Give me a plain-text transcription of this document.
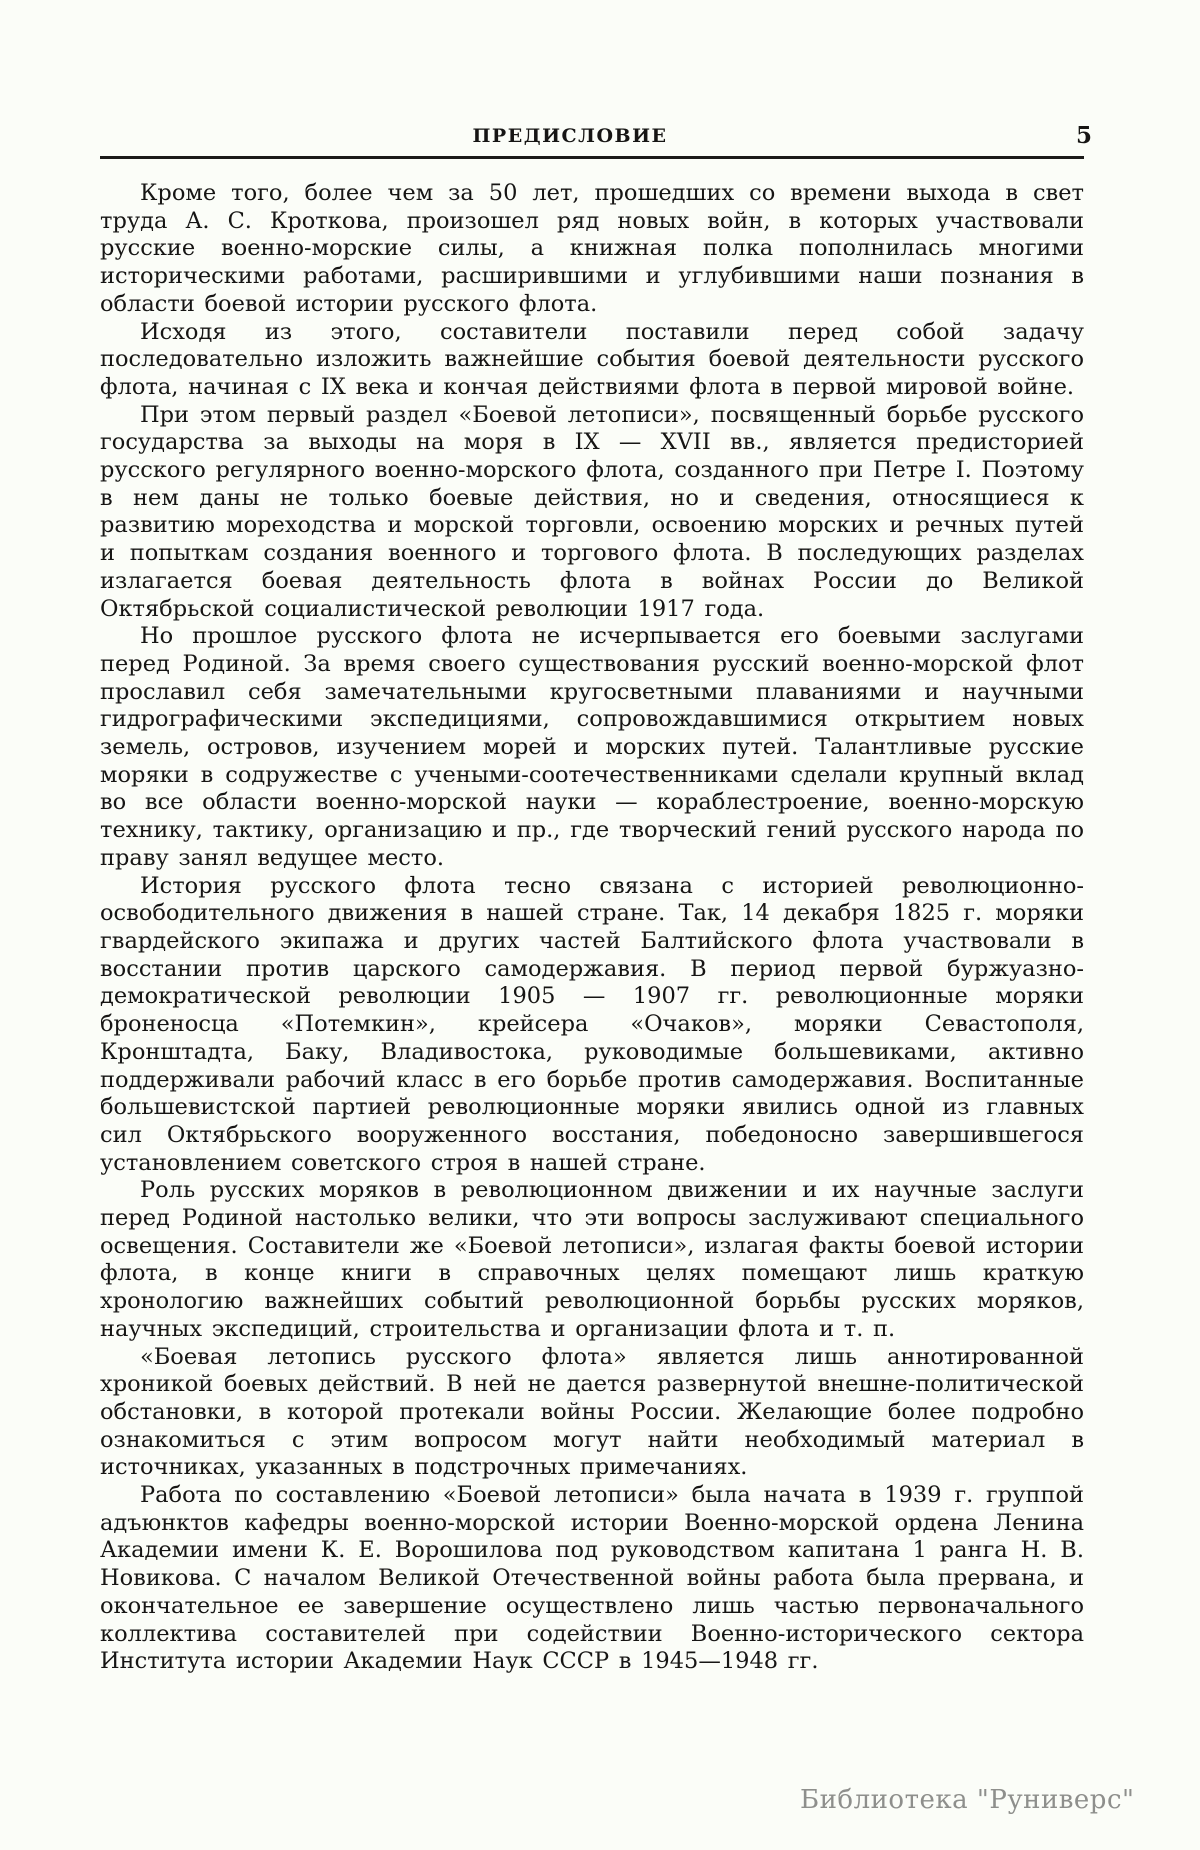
ПРЕДИСЛОВИЕ	5

Кроме того, более чем за 50 лет, прошедших со времени выхода в свет труда А. С. Кроткова, произошел ряд новых войн, в которых участвовали русские военно-морские силы, а книжная полка пополнилась многими историческими работами, расширившими и углубившими наши познания в области боевой истории русского флота.

Исходя из этого, составители поставили перед собой задачу последовательно изложить важнейшие события боевой деятельности русского флота, начиная с IX века и кончая действиями флота в первой мировой войне.

При этом первый раздел «Боевой летописи», посвященный борьбе русского государства за выходы на моря в IX — XVII вв., является предисторией русского регулярного военно-морского флота, созданного при Петре I. Поэтому в нем даны не только боевые действия, но и сведения, относящиеся к развитию мореходства и морской торговли, освоению морских и речных путей и попыткам создания военного и торгового флота. В последующих разделах излагается боевая деятельность флота в войнах России до Великой Октябрьской социалистической революции 1917 года.

Но прошлое русского флота не исчерпывается его боевыми заслугами перед Родиной. За время своего существования русский военно-морской флот прославил себя замечательными кругосветными плаваниями и научными гидрографическими экспедициями, сопровождавшимися открытием новых земель, островов, изучением морей и морских путей. Талантливые русские моряки в содружестве с учеными-соотечественниками сделали крупный вклад во все области военно-морской науки — кораблестроение, военно-морскую технику, тактику, организацию и пр., где творческий гений русского народа по праву занял ведущее место.

История русского флота тесно связана с историей революционно-освободительного движения в нашей стране. Так, 14 декабря 1825 г. моряки гвардейского экипажа и других частей Балтийского флота участвовали в восстании против царского самодержавия. В период первой буржуазно-демократической революции 1905 — 1907 гг. революционные моряки броненосца «Потемкин», крейсера «Очаков», моряки Севастополя, Кронштадта, Баку, Владивостока, руководимые большевиками, активно поддерживали рабочий класс в его борьбе против самодержавия. Воспитанные большевистской партией революционные моряки явились одной из главных сил Октябрьского вооруженного восстания, победоносно завершившегося установлением советского строя в нашей стране.

Роль русских моряков в революционном движении и их научные заслуги перед Родиной настолько велики, что эти вопросы заслуживают специального освещения. Составители же «Боевой летописи», излагая факты боевой истории флота, в конце книги в справочных целях помещают лишь краткую хронологию важнейших событий революционной борьбы русских моряков, научных экспедиций, строительства и организации флота и т. п.

«Боевая летопись русского флота» является лишь аннотированной хроникой боевых действий. В ней не дается развернутой внешне-политической обстановки, в которой протекали войны России. Желающие более подробно ознакомиться с этим вопросом могут найти необходимый материал в источниках, указанных в подстрочных примечаниях.

Работа по составлению «Боевой летописи» была начата в 1939 г. группой адъюнктов кафедры военно-морской истории Военно-морской ордена Ленина Академии имени К. Е. Ворошилова под руководством капитана 1 ранга Н. В. Новикова. С началом Великой Отечественной войны работа была прервана, и окончательное ее завершение осуществлено лишь частью первоначального коллектива составителей при содействии Военно-исторического сектора Института истории Академии Наук СССР в 1945—1948 гг.

Библиотека "Руниверс"
